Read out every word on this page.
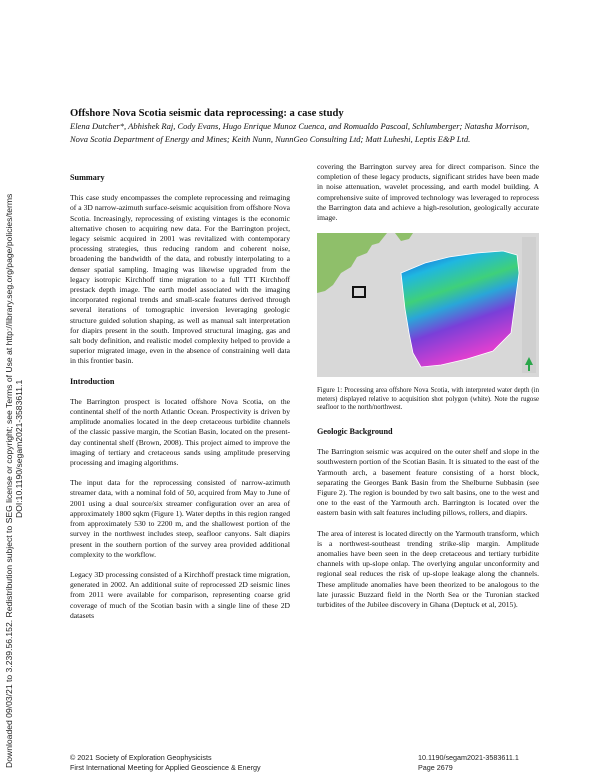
Downloaded 09/03/21 to 3.239.56.152. Redistribution subject to SEG license or copyright; see Terms of Use at http://library.seg.org/page/policies/terms DOI:10.1190/segam2021-3583611.1
Offshore Nova Scotia seismic data reprocessing: a case study
Elena Dutcher*, Abhishek Raj, Cody Evans, Hugo Enrique Munoz Cuenca, and Romualdo Pascoal, Schlumberger; Natasha Morrison, Nova Scotia Department of Energy and Mines; Keith Nunn, NunnGeo Consulting Ltd; Matt Luheshi, Leptis E&P Ltd.
Summary

This case study encompasses the complete reprocessing and reimaging of a 3D narrow-azimuth surface-seismic acquisition from offshore Nova Scotia. Increasingly, reprocessing of existing vintages is the economic alternative chosen to acquiring new data. For the Barrington project, legacy seismic acquired in 2001 was revitalized with contemporary processing strategies, thus reducing random and coherent noise, broadening the bandwidth of the data, and robustly interpolating to a denser spatial sampling. Imaging was likewise upgraded from the legacy isotropic Kirchhoff time migration to a full TTI Kirchhoff prestack depth image. The earth model associated with the imaging incorporated regional trends and small-scale features derived through several iterations of tomographic inversion leveraging geologic structure guided solution shaping, as well as manual salt interpretation for diapirs present in the south. Improved structural imaging, gas and salt body definition, and realistic model complexity helped to provide a superior migrated image, even in the absence of constraining well data in this frontier basin.

Introduction

The Barrington prospect is located offshore Nova Scotia, on the continental shelf of the north Atlantic Ocean. Prospectivity is driven by amplitude anomalies located in the deep cretaceous turbidite channels of the classic passive margin, the Scotian Basin, located on the present-day continental shelf (Brown, 2008). This project aimed to improve the imaging of tertiary and cretaceous sands using amplitude preserving processing and imaging algorithms.

The input data for the reprocessing consisted of narrow-azimuth streamer data, with a nominal fold of 50, acquired from May to June of 2001 using a dual source/six streamer configuration over an area of approximately 1800 sqkm (Figure 1). Water depths in this region ranged from approximately 530 to 2200 m, and the shallowest portion of the survey in the northwest includes steep, seafloor canyons. Salt diapirs present in the southern portion of the survey area provided additional complexity to the workflow.

Legacy 3D processing consisted of a Kirchhoff prestack time migration, generated in 2002. An additional suite of reprocessed 2D seismic lines from 2011 were available for comparison, representing coarse grid coverage of much of the Scotian basin with a single line of these 2D datasets

covering the Barrington survey area for direct comparison. Since the completion of these legacy products, significant strides have been made in noise attenuation, wavelet processing, and earth model building. A comprehensive suite of improved technology was leveraged to reprocess the Barrington data and achieve a high-resolution, geologically accurate image.

Figure 1: Processing area offshore Nova Scotia, with interpreted water depth (in meters) displayed relative to acquisition shot polygon (white). Note the rugose seafloor to the north/northwest.
Geologic Background

The Barrington seismic was acquired on the outer shelf and slope in the southwestern portion of the Scotian Basin. It is situated to the east of the Yarmouth arch, a basement feature consisting of a horst block, separating the Georges Bank Basin from the Shelburne Subbasin (see Figure 2). The region is bounded by two salt basins, one to the west and one to the east of the Yarmouth arch. Barrington is located over the eastern basin with salt features including pillows, rollers, and diapirs.

The area of interest is located directly on the Yarmouth transform, which is a northwest-southeast trending strike-slip margin. Amplitude anomalies have been seen in the deep cretaceous and tertiary turbidite channels with up-slope onlap. The overlying angular unconformity and regional seal reduces the risk of up-slope leakage along the channels. These amplitude anomalies have been theorized to be analogous to the late jurassic Buzzard field in the North Sea or the Turonian stacked turbidites of the Jubilee discovery in Ghana (Deptuck et al, 2015).

© 2021 Society of Exploration Geophysicists
First International Meeting for Applied Geoscience & Energy
10.1190/segam2021-3583611.1
Page 2679
